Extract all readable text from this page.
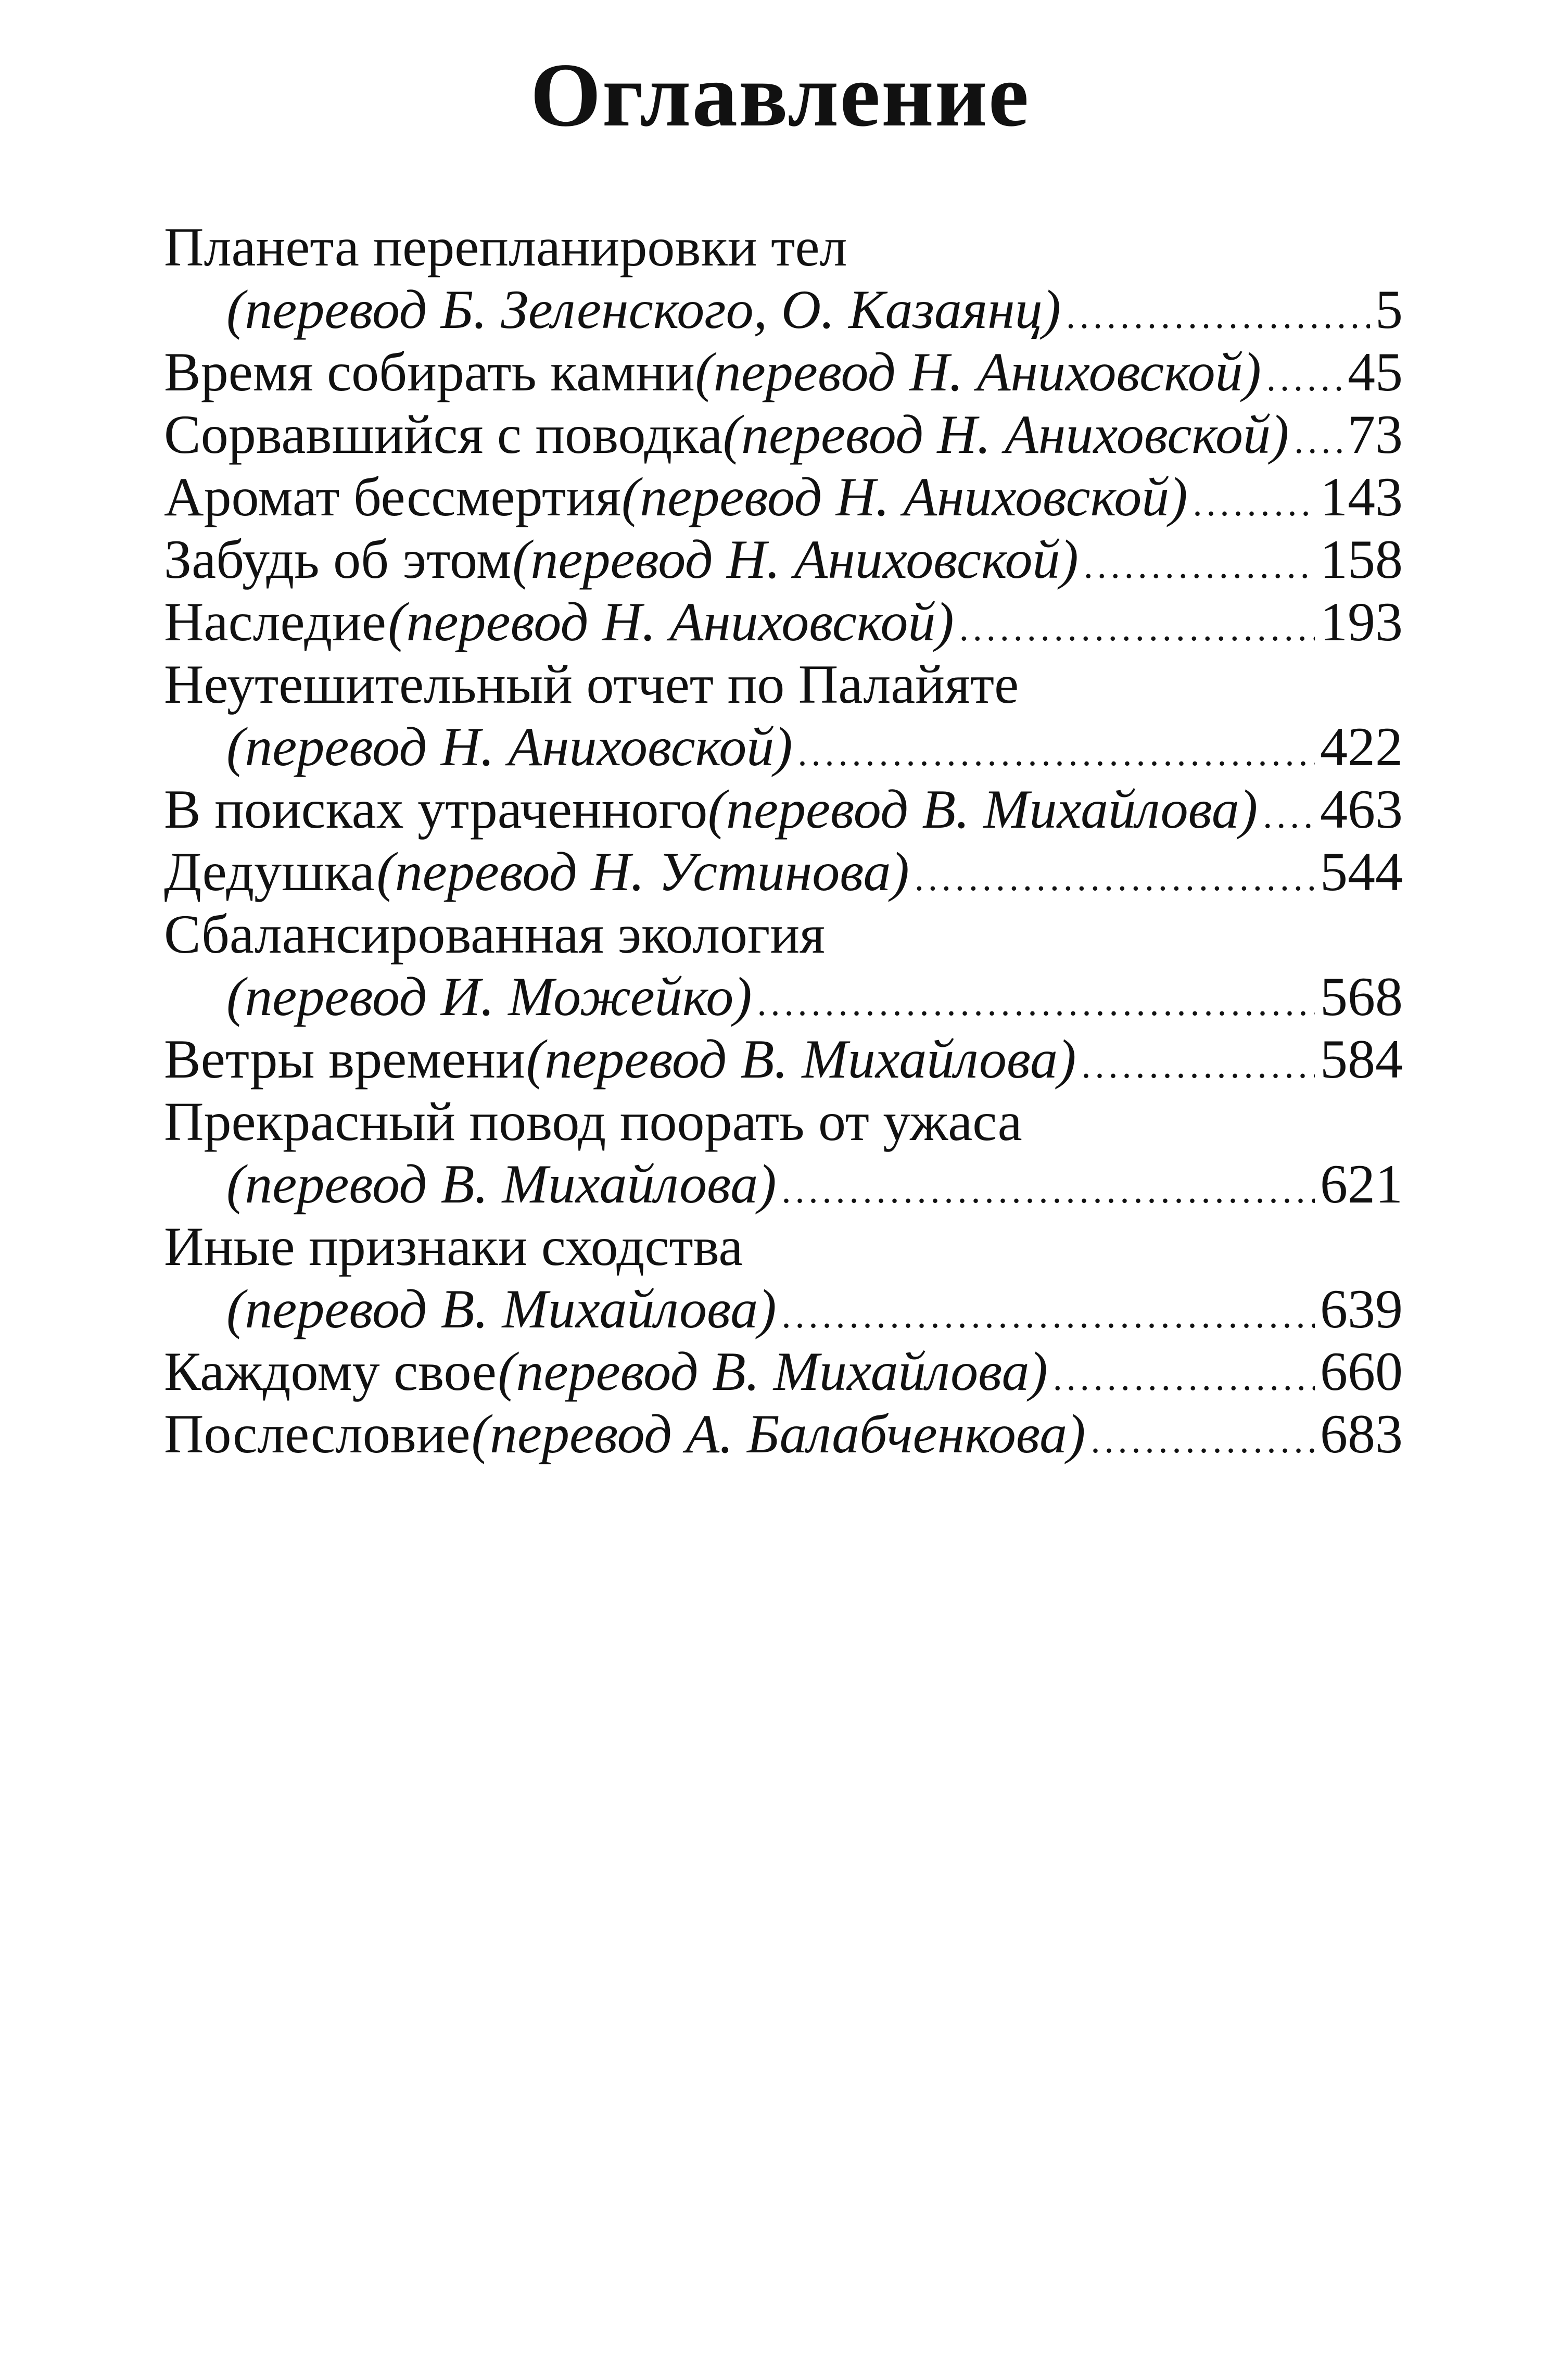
Оглавление
Планета перепланировки тел
(перевод Б. Зеленского, О. Казаянц) .....	5
Время собирать камни (перевод Н. Аниховской) ..... 45
Сорвавшийся с поводка (перевод Н. Аниховской) ..... 73
Аромат бессмертия (перевод Н. Аниховской) ..... 143
Забудь об этом (перевод Н. Аниховской) .....	158
Наследие (перевод Н. Аниховской) .....	193
Неутешительный отчет по Палайяте
(перевод Н. Аниховской) .....	422
В поисках утраченного (перевод В. Михайлова) ..... 463
Дедушка (перевод Н. Устинова) .....	544
Сбалансированная экология
(перевод И. Можейко) .....	568
Ветры времени (перевод В. Михайлова) .....	584
Прекрасный повод поорать от ужаса
(перевод В. Михайлова) .....	621
Иные признаки сходства
(перевод В. Михайлова) .....	639
Каждому свое (перевод В. Михайлова) .....	660
Послесловие (перевод А. Балабченкова) .....	683
